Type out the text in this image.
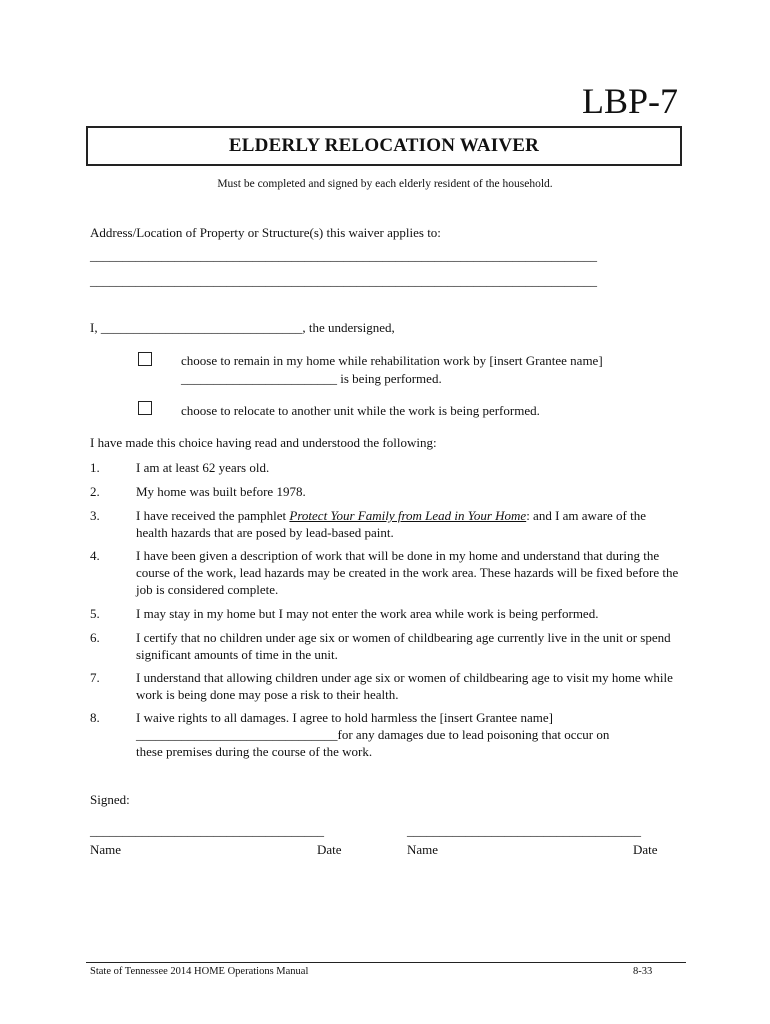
LBP-7
ELDERLY RELOCATION WAIVER
Must be completed and signed by each elderly resident of the household.
Address/Location of Property or Structure(s) this waiver applies to:
______________________________________________________________________________
______________________________________________________________________________
I, _______________________________, the undersigned,
choose to remain in my home while rehabilitation work by [insert Grantee name]
________________________ is being performed.
choose to relocate to another unit while the work is being performed.
I have made this choice having read and understood the following:
1.	I am at least 62 years old.
2.	My home was built before 1978.
3.	I have received the pamphlet Protect Your Family from Lead in Your Home: and I am aware of the health hazards that are posed by lead-based paint.
4.	I have been given a description of work that will be done in my home and understand that during the course of the work, lead hazards may be created in the work area. These hazards will be fixed before the job is considered complete.
5.	I may stay in my home but I may not enter the work area while work is being performed.
6.	I certify that no children under age six or women of childbearing age currently live in the unit or spend significant amounts of time in the unit.
7.	I understand that allowing children under age six or women of childbearing age to visit my home while work is being done may pose a risk to their health.
8.	I waive rights to all damages. I agree to hold harmless the [insert Grantee name]
_______________________________for any damages due to lead poisoning that occur on
these premises during the course of the work.
Signed:
____________________________________	____________________________________
Name	Date	Name	Date
State of Tennessee 2014 HOME Operations Manual	8-33
